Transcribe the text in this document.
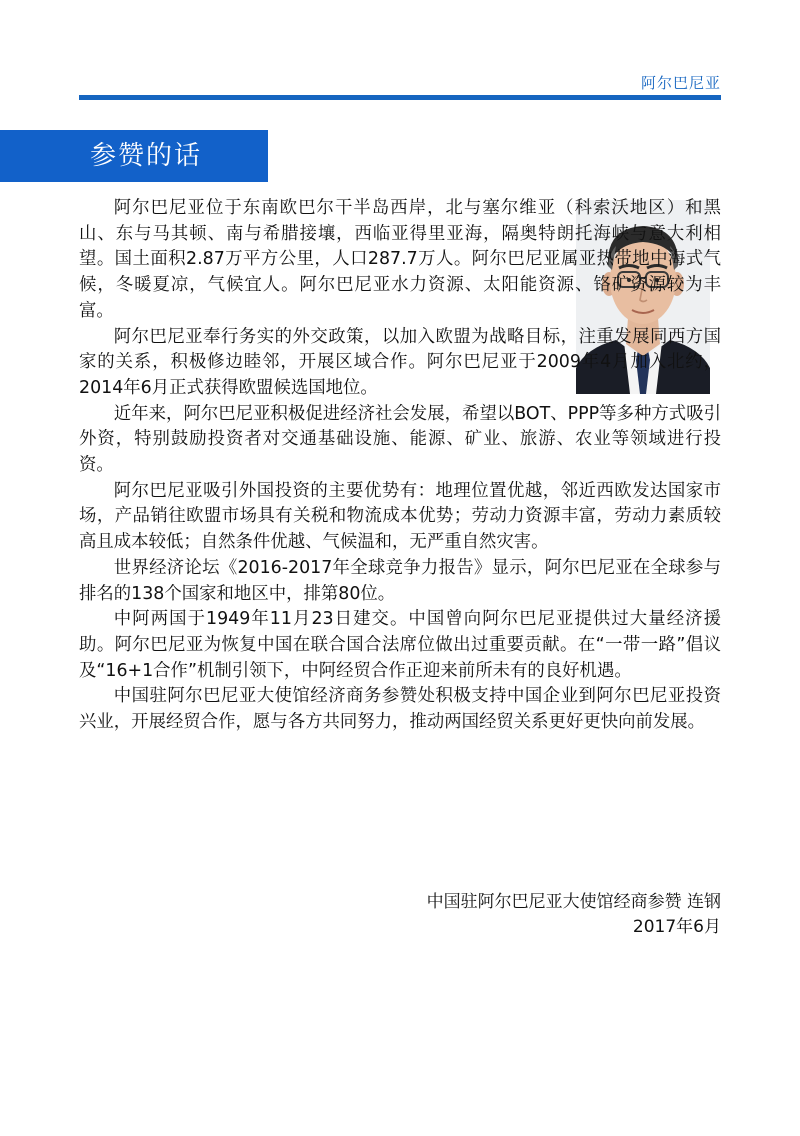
阿尔巴尼亚
参赞的话

阿尔巴尼亚位于东南欧巴尔干半岛西岸，北与塞尔维亚（科索沃地区）和黑山、东与马其顿、南与希腊接壤，西临亚得里亚海，隔奥特朗托海峡与意大利相望。国土面积2.87万平方公里，人口287.7万人。阿尔巴尼亚属亚热带地中海式气候，冬暖夏凉，气候宜人。阿尔巴尼亚水力资源、太阳能资源、铬矿资源较为丰富。

阿尔巴尼亚奉行务实的外交政策，以加入欧盟为战略目标，注重发展同西方国家的关系，积极修边睦邻，开展区域合作。阿尔巴尼亚于2009年4月加入北约，2014年6月正式获得欧盟候选国地位。

近年来，阿尔巴尼亚积极促进经济社会发展，希望以BOT、PPP等多种方式吸引外资，特别鼓励投资者对交通基础设施、能源、矿业、旅游、农业等领域进行投资。

阿尔巴尼亚吸引外国投资的主要优势有：地理位置优越，邻近西欧发达国家市场，产品销往欧盟市场具有关税和物流成本优势；劳动力资源丰富，劳动力素质较高且成本较低；自然条件优越、气候温和，无严重自然灾害。

世界经济论坛《2016-2017年全球竞争力报告》显示，阿尔巴尼亚在全球参与排名的138个国家和地区中，排第80位。

中阿两国于1949年11月23日建交。中国曾向阿尔巴尼亚提供过大量经济援助。阿尔巴尼亚为恢复中国在联合国合法席位做出过重要贡献。在“一带一路”倡议及“16+1合作”机制引领下，中阿经贸合作正迎来前所未有的良好机遇。

中国驻阿尔巴尼亚大使馆经济商务参赞处积极支持中国企业到阿尔巴尼亚投资兴业，开展经贸合作，愿与各方共同努力，推动两国经贸关系更好更快向前发展。

中国驻阿尔巴尼亚大使馆经商参赞 连钢
2017年6月
